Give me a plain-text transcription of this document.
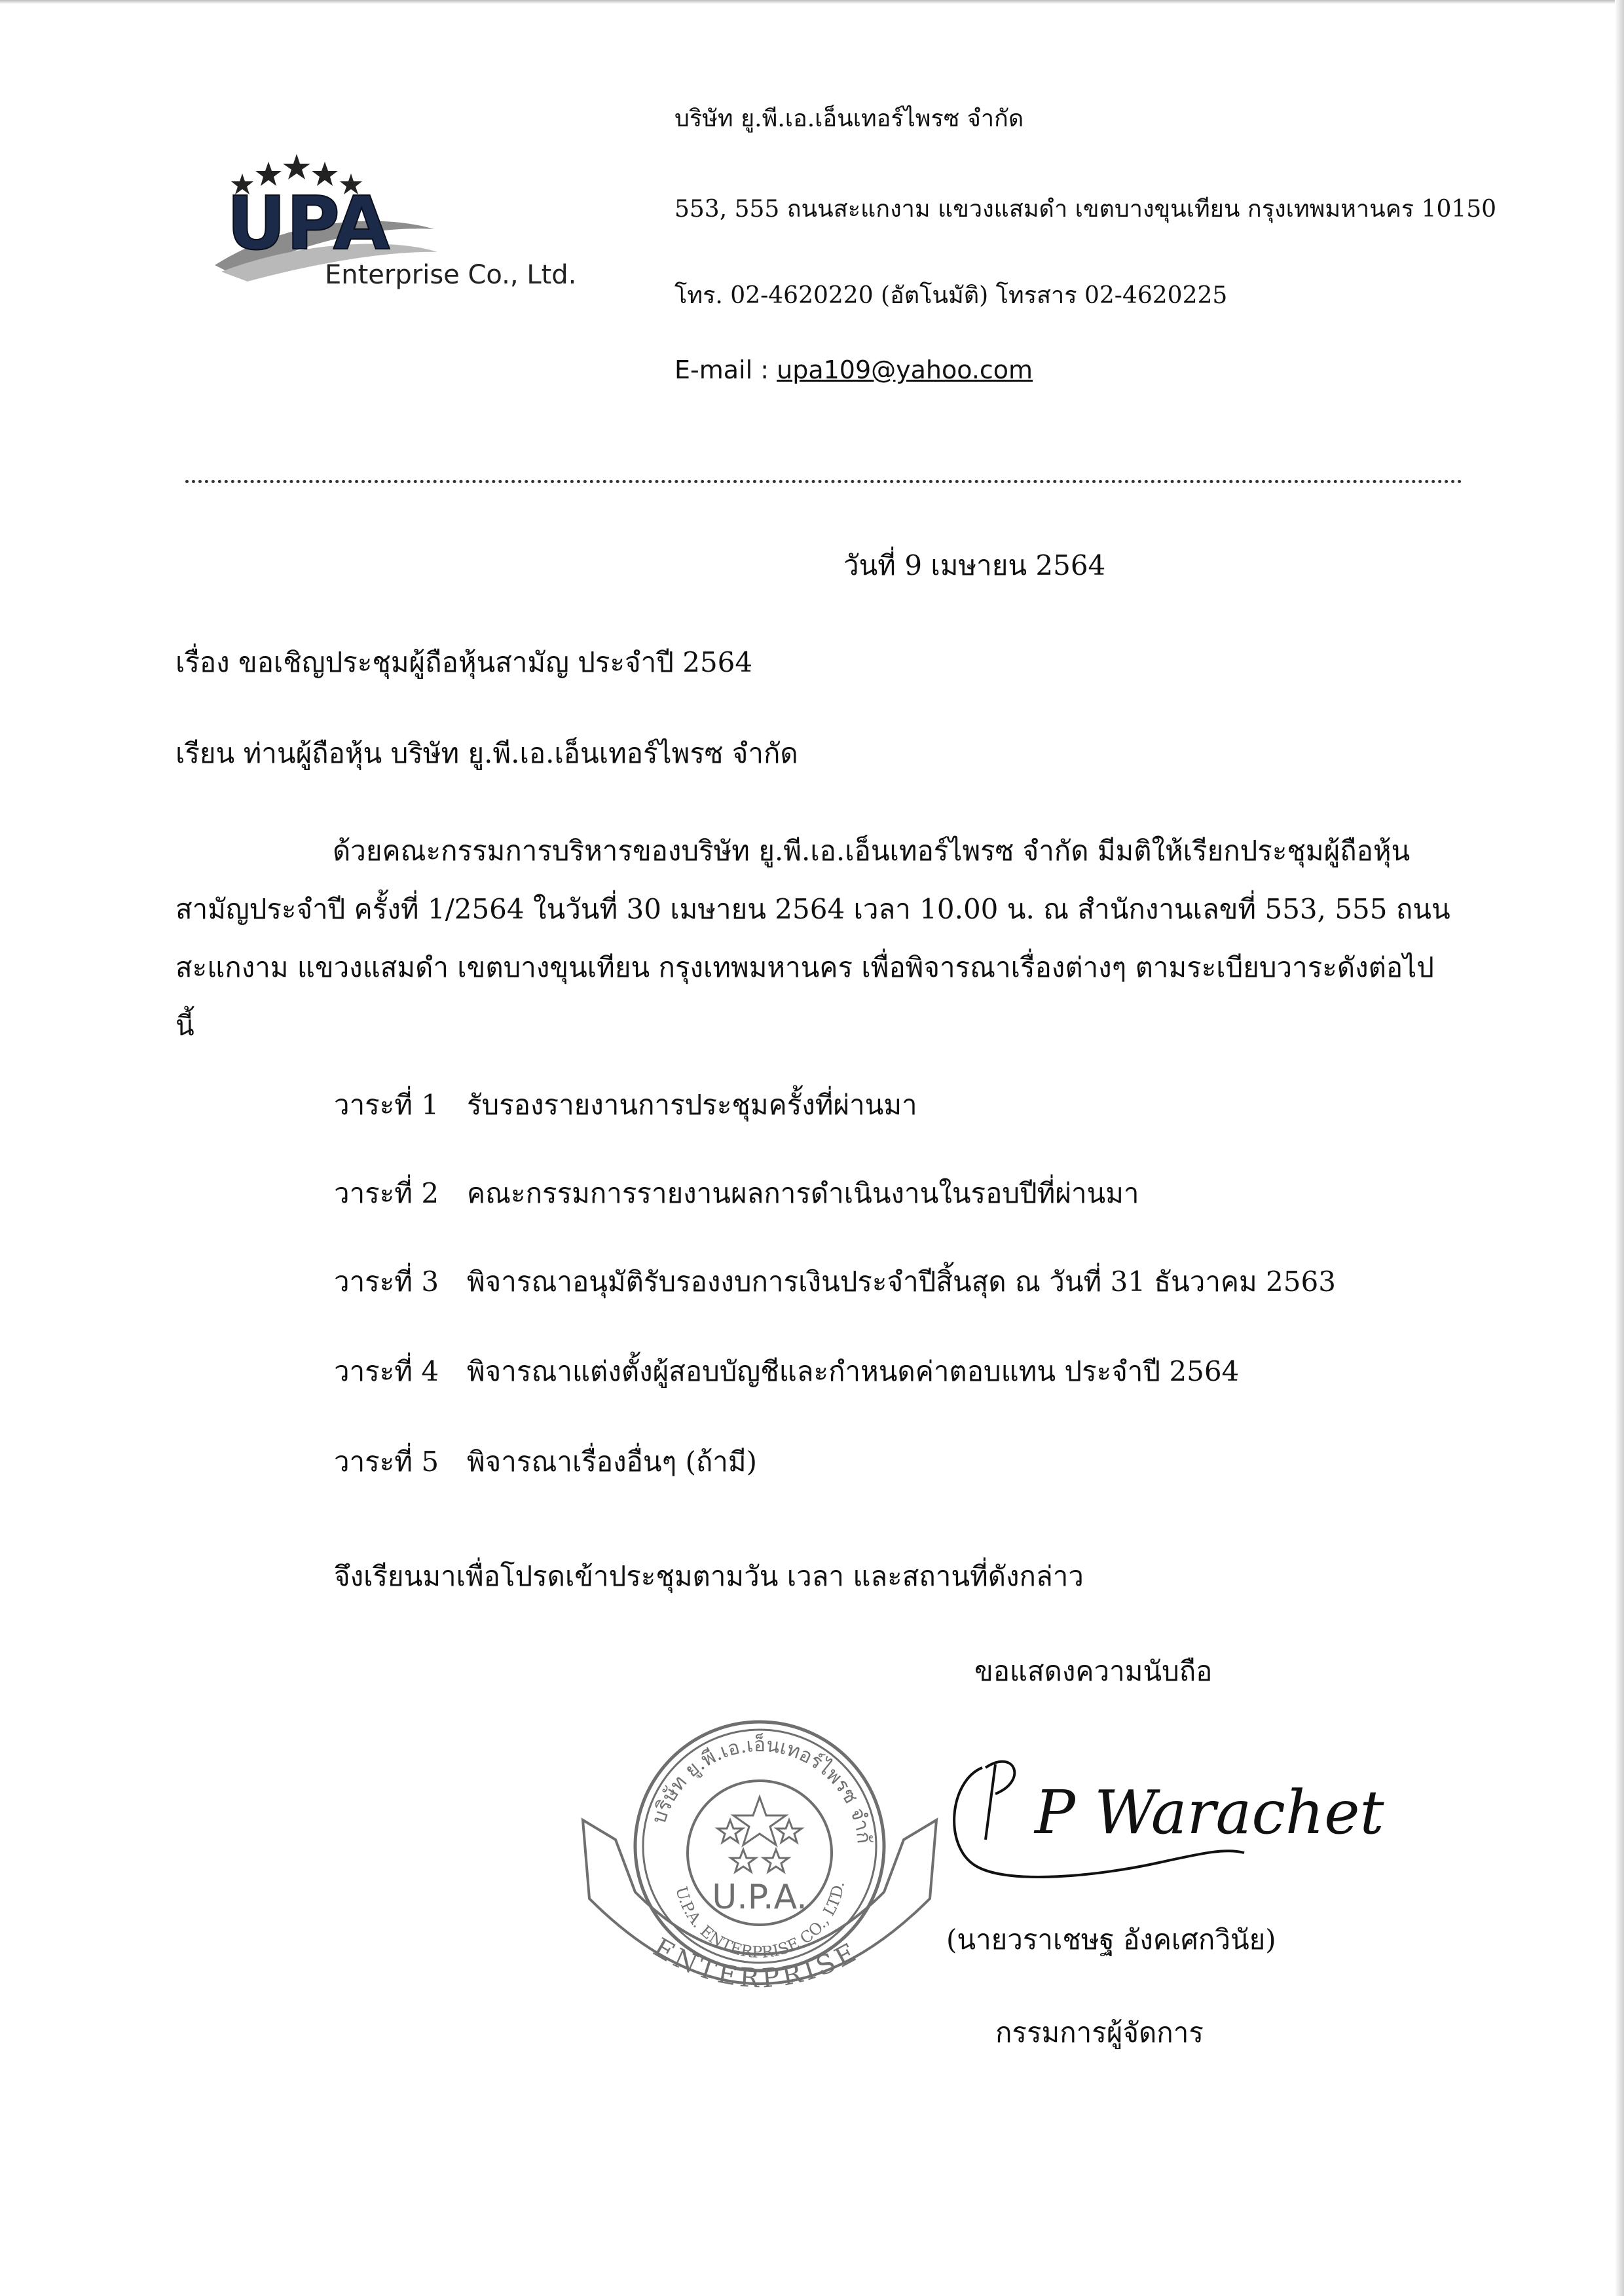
UPA
Enterprise Co., Ltd.
บริษัท ยู.พี.เอ.เอ็นเทอร์ไพรซ จำกัด
553, 555 ถนนสะแกงาม แขวงแสมดำ เขตบางขุนเทียน กรุงเทพมหานคร 10150
โทร. 02-4620220 (อัตโนมัติ) โทรสาร 02-4620225
E-mail : upa109@yahoo.com
วันที่ 9 เมษายน 2564
เรื่อง ขอเชิญประชุมผู้ถือหุ้นสามัญ ประจำปี 2564
เรียน ท่านผู้ถือหุ้น บริษัท ยู.พี.เอ.เอ็นเทอร์ไพรซ จำกัด
ด้วยคณะกรรมการบริหารของบริษัท ยู.พี.เอ.เอ็นเทอร์ไพรซ จำกัด มีมติให้เรียกประชุมผู้ถือหุ้นสามัญประจำปี ครั้งที่ 1/2564 ในวันที่ 30 เมษายน 2564 เวลา 10.00 น. ณ สำนักงานเลขที่ 553, 555 ถนนสะแกงาม แขวงแสมดำ เขตบางขุนเทียน กรุงเทพมหานคร เพื่อพิจารณาเรื่องต่างๆ ตามระเบียบวาระดังต่อไปนี้
วาระที่ 1 รับรองรายงานการประชุมครั้งที่ผ่านมา
วาระที่ 2 คณะกรรมการรายงานผลการดำเนินงานในรอบปีที่ผ่านมา
วาระที่ 3 พิจารณาอนุมัติรับรองงบการเงินประจำปีสิ้นสุด ณ วันที่ 31 ธันวาคม 2563
วาระที่ 4 พิจารณาแต่งตั้งผู้สอบบัญชีและกำหนดค่าตอบแทน ประจำปี 2564
วาระที่ 5 พิจารณาเรื่องอื่นๆ (ถ้ามี)
จึงเรียนมาเพื่อโปรดเข้าประชุมตามวัน เวลา และสถานที่ดังกล่าว
ขอแสดงความนับถือ
บริษัท ยู.พี.เอ.เอ็นเทอร์ไพรซ จำกั
U.P.A. ENTERPRISE CO., LTD.
U.P.A.
ENTERPRISE
P Warachet
(นายวราเชษฐ อังคเศกวินัย)
กรรมการผู้จัดการ
